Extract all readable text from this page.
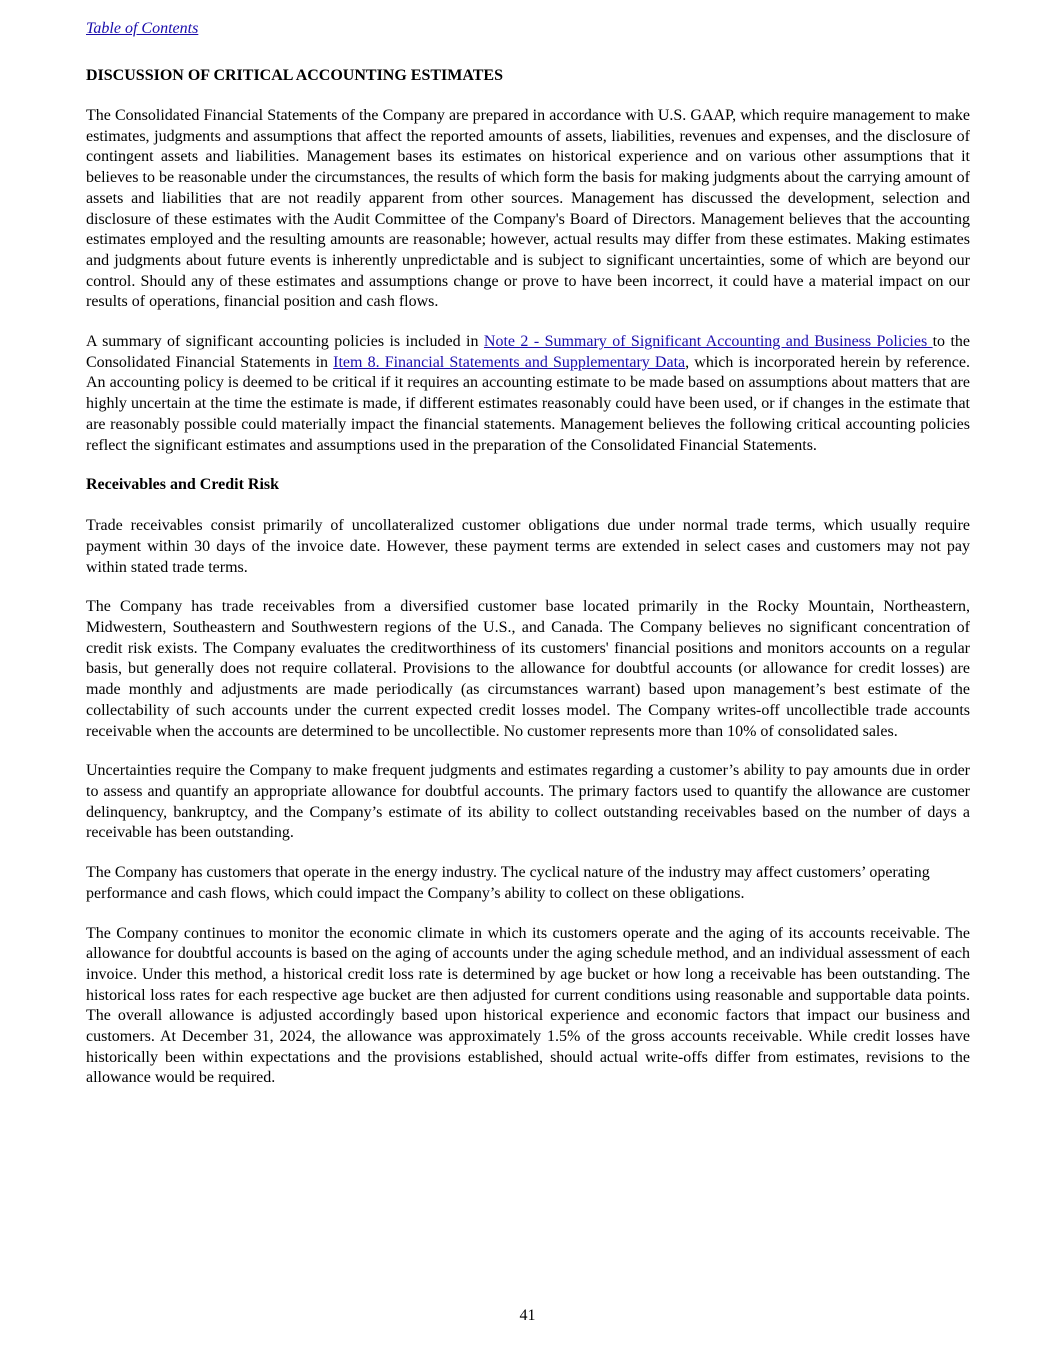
Table of Contents
DISCUSSION OF CRITICAL ACCOUNTING ESTIMATES

The Consolidated Financial Statements of the Company are prepared in accordance with U.S. GAAP, which require management to make estimates, judgments and assumptions that affect the reported amounts of assets, liabilities, revenues and expenses, and the disclosure of contingent assets and liabilities. Management bases its estimates on historical experience and on various other assumptions that it believes to be reasonable under the circumstances, the results of which form the basis for making judgments about the carrying amount of assets and liabilities that are not readily apparent from other sources. Management has discussed the development, selection and disclosure of these estimates with the Audit Committee of the Company's Board of Directors. Management believes that the accounting estimates employed and the resulting amounts are reasonable; however, actual results may differ from these estimates. Making estimates and judgments about future events is inherently unpredictable and is subject to significant uncertainties, some of which are beyond our control. Should any of these estimates and assumptions change or prove to have been incorrect, it could have a material impact on our results of operations, financial position and cash flows.

A summary of significant accounting policies is included in Note 2 - Summary of Significant Accounting and Business Policies to the Consolidated Financial Statements in Item 8. Financial Statements and Supplementary Data, which is incorporated herein by reference. An accounting policy is deemed to be critical if it requires an accounting estimate to be made based on assumptions about matters that are highly uncertain at the time the estimate is made, if different estimates reasonably could have been used, or if changes in the estimate that are reasonably possible could materially impact the financial statements. Management believes the following critical accounting policies reflect the significant estimates and assumptions used in the preparation of the Consolidated Financial Statements.

Receivables and Credit Risk

Trade receivables consist primarily of uncollateralized customer obligations due under normal trade terms, which usually require payment within 30 days of the invoice date. However, these payment terms are extended in select cases and customers may not pay within stated trade terms.

The Company has trade receivables from a diversified customer base located primarily in the Rocky Mountain, Northeastern, Midwestern, Southeastern and Southwestern regions of the U.S., and Canada. The Company believes no significant concentration of credit risk exists. The Company evaluates the creditworthiness of its customers' financial positions and monitors accounts on a regular basis, but generally does not require collateral. Provisions to the allowance for doubtful accounts (or allowance for credit losses) are made monthly and adjustments are made periodically (as circumstances warrant) based upon management’s best estimate of the collectability of such accounts under the current expected credit losses model. The Company writes-off uncollectible trade accounts receivable when the accounts are determined to be uncollectible. No customer represents more than 10% of consolidated sales.

Uncertainties require the Company to make frequent judgments and estimates regarding a customer’s ability to pay amounts due in order to assess and quantify an appropriate allowance for doubtful accounts. The primary factors used to quantify the allowance are customer delinquency, bankruptcy, and the Company’s estimate of its ability to collect outstanding receivables based on the number of days a receivable has been outstanding.

The Company has customers that operate in the energy industry. The cyclical nature of the industry may affect customers’ operating performance and cash flows, which could impact the Company’s ability to collect on these obligations.

The Company continues to monitor the economic climate in which its customers operate and the aging of its accounts receivable. The allowance for doubtful accounts is based on the aging of accounts under the aging schedule method, and an individual assessment of each invoice. Under this method, a historical credit loss rate is determined by age bucket or how long a receivable has been outstanding. The historical loss rates for each respective age bucket are then adjusted for current conditions using reasonable and supportable data points. The overall allowance is adjusted accordingly based upon historical experience and economic factors that impact our business and customers. At December 31, 2024, the allowance was approximately 1.5% of the gross accounts receivable. While credit losses have historically been within expectations and the provisions established, should actual write-offs differ from estimates, revisions to the allowance would be required.

41
